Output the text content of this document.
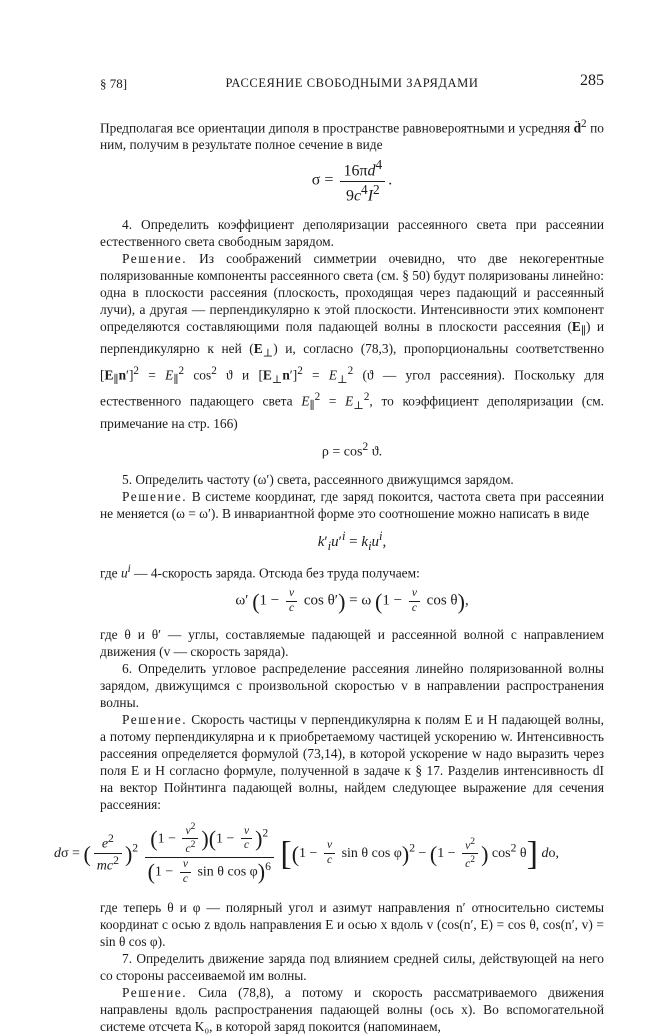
§ 78]	РАССЕЯНИЕ СВОБОДНЫМИ ЗАРЯДАМИ	285

Предполагая все ориентации диполя в пространстве равновероятными и усредняя d̈$^2$ по ним, получим в результате полное сечение в виде

$\sigma = \frac{16\pi d^4}{9c^4I^2}$ .

4. Определить коэффициент деполяризации рассеянного света при рассеянии естественного света свободным зарядом.

Решение. Из соображений симметрии очевидно, что две некогерентные поляризованные компоненты рассеянного света (см. § 50) будут поляризованы линейно: одна в плоскости рассеяния (плоскость, проходящая через падающий и рассеянный лучи), а другая — перпендикулярно к этой плоскости. Интенсивности этих компонент определяются составляющими поля падающей волны в плоскости рассеяния $(E_\parallel)$ и перпендикулярно к ней $(E_\perp)$ и, согласно (78,3), пропорциональны соответственно $[E_\parallel n']^2 = E_\parallel^2$ $\cos^2 ϑ$ и $[E_\perp n']^2 = E_\perp^2$ (ϑ — угол рассеяния). Поскольку для естественного падающего света $E_\parallel^2 = E_\perp^2$, то коэффициент деполяризации (см. примечание на стр. 166)

$\rho = \cos^2 ϑ$.

5. Определить частоту (ω′) света, рассеянного движущимся зарядом.

Решение. В системе координат, где заряд покоится, частота света при рассеянии не меняется (ω = ω′). В инвариантной форме это соотношение можно написать в виде

$k'_iu'^i = k_iu^i$,

где $u^i$ — 4-скорость заряда. Отсюда без труда получаем:

ω′ ($1 - \frac{v}{c}$ cos θ′) = ω ($1 - \frac{v}{c}$ cos θ),

где θ и θ′ — углы, составляемые падающей и рассеянной волной с направлением движения (v — скорость заряда).

6. Определить угловое распределение рассеяния линейно поляризованной волны зарядом, движущимся с произвольной скоростью v в направлении распространения волны.

Решение. Скорость частицы v перпендикулярна к полям E и H падающей волны, а потому перпендикулярна и к приобретаемому частицей ускорению w. Интенсивность рассеяния определяется формулой (73,14), в которой ускорение w надо выразить через поля E и H согласно формуле, полученной в задаче к § 17. Разделив интенсивность dI на вектор Пойнтинга падающей волны, найдем следующее выражение для сечения рассеяния:

dσ = ( $\frac{e^2}{mc^2} )^2 \frac{(1 - \frac{v^2}{c^2} )(1 - \frac{v}{c} )^2}{(1 - \frac{v}{c} \sin \theta \cos \varphi)^6} [(1 - \frac{v}{c}$ sin θ $\cos \varphi)^2 - (1 - \frac{v^2}{c^2}$ ) $\cos^2 \theta$] do,

где теперь θ и φ — полярный угол и азимут направления n′ относительно системы координат с осью z вдоль направления E и осью x вдоль v (cos(n′, E) = cos θ, cos(n′, v) = sin θ cos φ).

7. Определить движение заряда под влиянием средней силы, действующей на него со стороны рассеиваемой им волны.

Решение. Сила (78,8), а потому и скорость рассматриваемого движения направлены вдоль распространения падающей волны (ось x). Во вспомогательной системе отсчета K₀, в которой заряд покоится (напоминаем,
